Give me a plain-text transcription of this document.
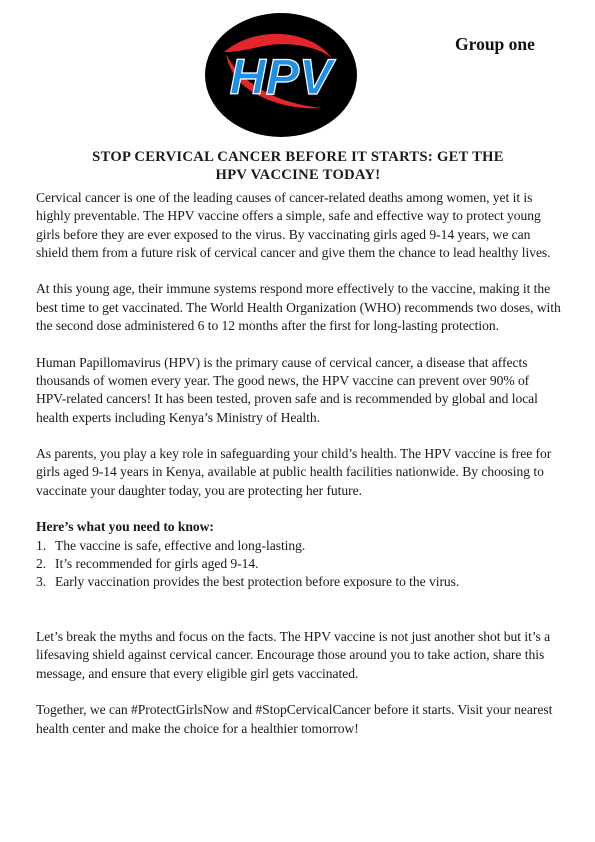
HPV
Group one
STOP CERVICAL CANCER BEFORE IT STARTS: GET THE
HPV VACCINE TODAY!

Cervical cancer is one of the leading causes of cancer-related deaths among women, yet it is highly preventable. The HPV vaccine offers a simple, safe and effective way to protect young girls before they are ever exposed to the virus. By vaccinating girls aged 9-14 years, we can shield them from a future risk of cervical cancer and give them the chance to lead healthy lives.

At this young age, their immune systems respond more effectively to the vaccine, making it the best time to get vaccinated. The World Health Organization (WHO) recommends two doses, with the second dose administered 6 to 12 months after the first for long-lasting protection.

Human Papillomavirus (HPV) is the primary cause of cervical cancer, a disease that affects thousands of women every year. The good news, the HPV vaccine can prevent over 90% of HPV-related cancers! It has been tested, proven safe and is recommended by global and local health experts including Kenya’s Ministry of Health.

As parents, you play a key role in safeguarding your child’s health. The HPV vaccine is free for girls aged 9-14 years in Kenya, available at public health facilities nationwide. By choosing to vaccinate your daughter today, you are protecting her future.

Here’s what you need to know:
1. The vaccine is safe, effective and long-lasting.
2. It’s recommended for girls aged 9-14.
3. Early vaccination provides the best protection before exposure to the virus.

Let’s break the myths and focus on the facts. The HPV vaccine is not just another shot but it’s a lifesaving shield against cervical cancer. Encourage those around you to take action, share this message, and ensure that every eligible girl gets vaccinated.

Together, we can #ProtectGirlsNow and #StopCervicalCancer before it starts. Visit your nearest health center and make the choice for a healthier tomorrow!
